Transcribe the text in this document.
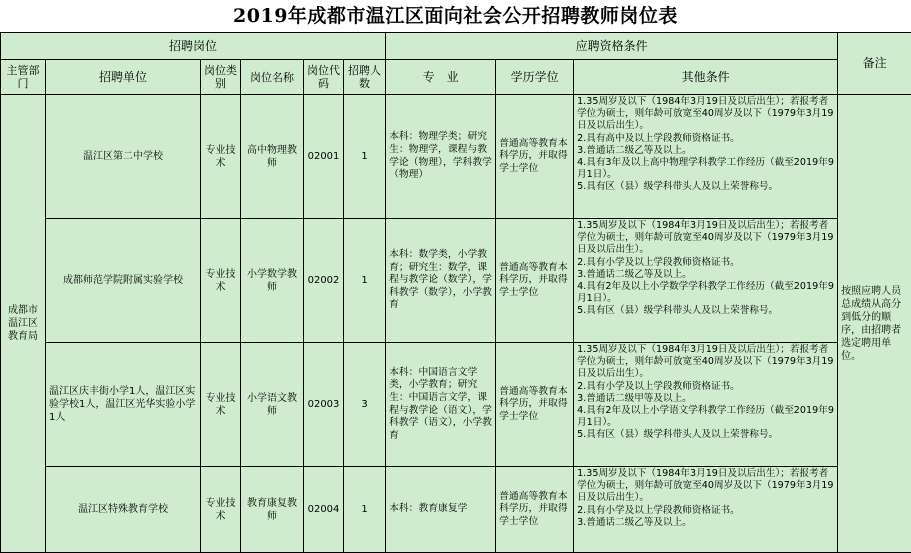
2019年成都市温江区面向社会公开招聘教师岗位表
招聘岗位						应聘资格条件			备注
主管部门	招聘单位	岗位类别	岗位名称	岗位代码	招聘人数	专　业	学历学位	其他条件	
成都市温江区教育局	温江区第二中学校	专业技术	高中物理教师	02001	1	本科：物理学类；研究生：物理学，课程与教学论（物理），学科教学（物理）	普通高等教育本科学历，并取得学士学位	1.35周岁及以下（1984年3月19日及以后出生）；若报考者学位为硕士，则年龄可放宽至40周岁及以下（1979年3月19日及以后出生）。
2.具有高中及以上学段教师资格证书。
3.普通话二级乙等及以上。
4.具有3年及以上高中物理学科教学工作经历（截至2019年9月1日）。
5.具有区（县）级学科带头人及以上荣誉称号。	按照应聘人员总成绩从高分到低分的顺序，由招聘者选定聘用单位。
	成都师范学院附属实验学校	专业技术	小学数学教师	02002	1	本科：数学类，小学教育；研究生：数学，课程与教学论（数学），学科教学（数学），小学教育	普通高等教育本科学历，并取得学士学位	1.35周岁及以下（1984年3月19日及以后出生）；若报考者学位为硕士，则年龄可放宽至40周岁及以下（1979年3月19日及以后出生）。
2.具有小学及以上学段教师资格证书。
3.普通话二级乙等及以上。
4.具有2年及以上小学数学学科教学工作经历（截至2019年9月1日）。
5.具有区（县）级学科带头人及以上荣誉称号。	

	温江区庆丰街小学1人，温江区实验学校1人，温江区光华实验小学1人	专业技术	小学语文教师	02003	3	本科：中国语言文学类，小学教育；研究生：中国语言文学，课程与教学论（语文），学科教学（语文），小学教育	普通高等教育本科学历，并取得学士学位	1.35周岁及以下（1984年3月19日及以后出生）；若报考者学位为硕士，则年龄可放宽至40周岁及以下（1979年3月19日及以后出生）。
2.具有小学及以上学段教师资格证书。
3.普通话二级甲等及以上。
4.具有2年及以上小学语文学科教学工作经历（截至2019年9月1日）。
5.具有区（县）级学科带头人及以上荣誉称号。	

	温江区特殊教育学校	专业技术	教育康复教师	02004	1	本科：教育康复学	普通高等教育本科学历，并取得学士学位	1.35周岁及以下（1984年3月19日及以后出生）；若报考者学位为硕士，则年龄可放宽至40周岁及以下（1979年3月19日及以后出生）。
2.具有小学及以上学段教师资格证书。
3.普通话二级乙等及以上。	
